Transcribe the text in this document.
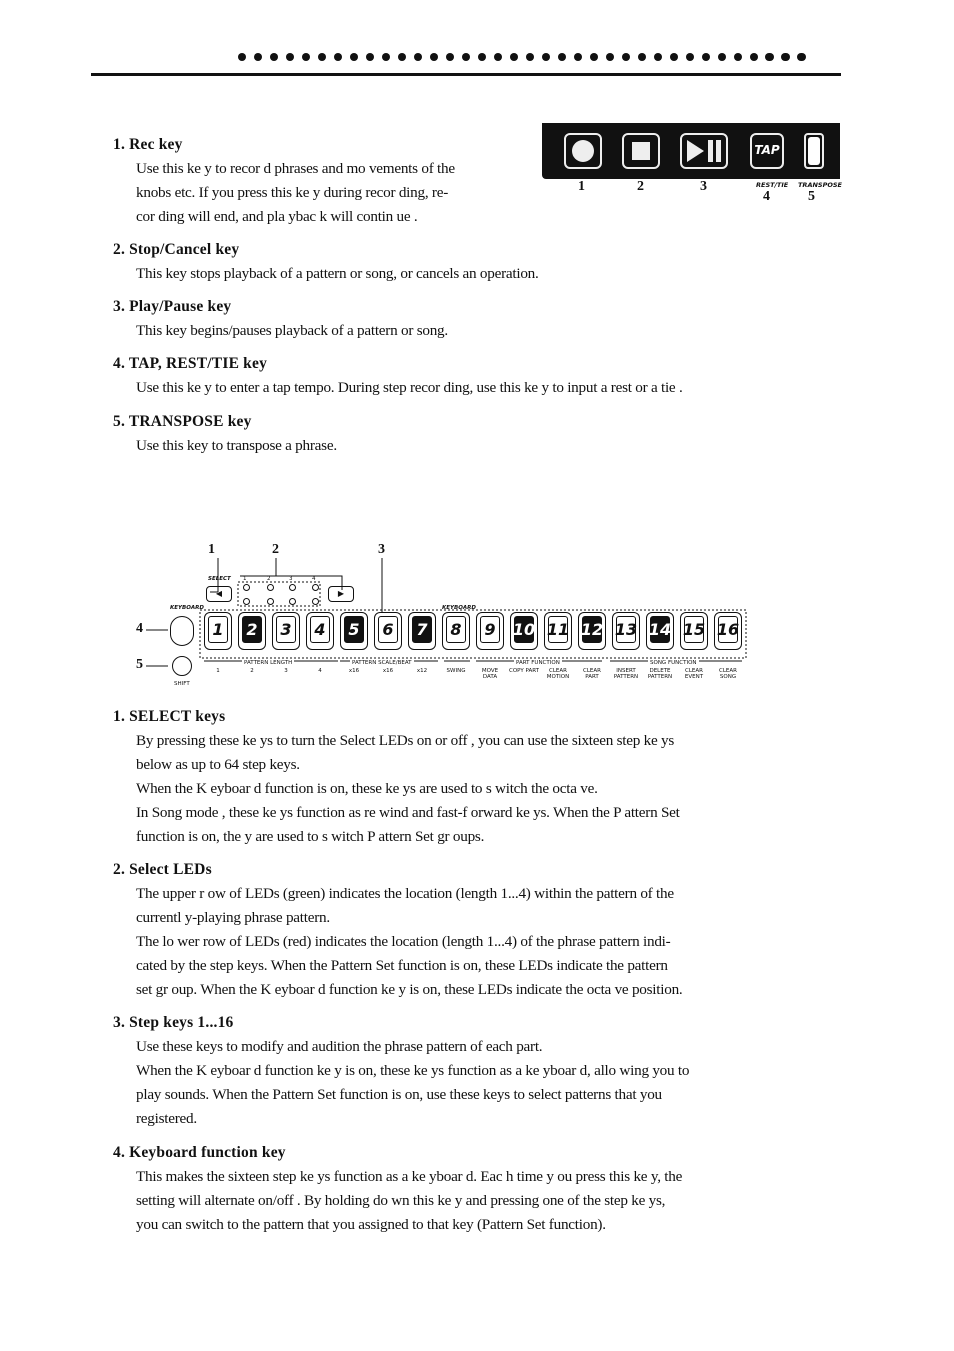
1. Rec key

Use this ke y to recor d phrases and mo vements of the
knobs etc. If you press this ke y during recor ding, re-
cor ding will end, and pla ybac k will contin ue .

2. Stop/Cancel key

This key stops playback of a pattern or song, or cancels an operation.

3. Play/Pause key

This key begins/pauses playback of a pattern or song.

4. TAP, REST/TIE key

Use this ke y to enter a tap tempo. During step recor ding, use this ke y to input a rest or a tie .

5. TRANSPOSE key

Use this key to transpose a phrase.

TAP
1	2	3	REST/TIE TRANSPOSE
4	5
1	2	3
4
5
SELECT
◀	▶
1	2	3	4
KEYBOARD	KEYBOARD
SHIFT
1 2 3 4 5 6 7 8 9 10 11 12 13 14 15 16
PATTERN LENGTH	PATTERN SCALE/BEAT	PART FUNCTION	SONG FUNCTION
1	2	3	4	x16	x16	x12	SWING	MOVE DATA
COPY PART	CLEAR MOTION
CLEAR PART
INSERT PATTERN
DELETE PATTERN
CLEAR EVENT
CLEAR SONG
1. SELECT keys

By pressing these ke ys to turn the Select LEDs on or off , you can use the sixteen step ke ys
below as up to 64 step keys.
When the K eyboar d function is on, these ke ys are used to s witch the octa ve.
In Song mode , these ke ys function as re wind and fast-f orward ke ys. When the P attern Set
function is on, the y are used to s witch P attern Set gr oups.

2. Select LEDs

The upper r ow of LEDs (green) indicates the location (length 1...4) within the pattern of the
currentl y-playing phrase pattern.
The lo wer row of LEDs (red) indicates the location (length 1...4) of the phrase pattern indi-
cated by the step keys. When the Pattern Set function is on, these LEDs indicate the pattern
set gr oup. When the K eyboar d function ke y is on, these LEDs indicate the octa ve position.

3. Step keys 1...16

Use these keys to modify and audition the phrase pattern of each part.
When the K eyboar d function ke y is on, these ke ys function as a ke yboar d, allo wing you to
play sounds. When the Pattern Set function is on, use these keys to select patterns that you
registered.

4. Keyboard function key

This makes the sixteen step ke ys function as a ke yboar d. Eac h time y ou press this ke y, the
setting will alternate on/off . By holding do wn this ke y and pressing one of the step ke ys,
you can switch to the pattern that you assigned to that key (Pattern Set function).
